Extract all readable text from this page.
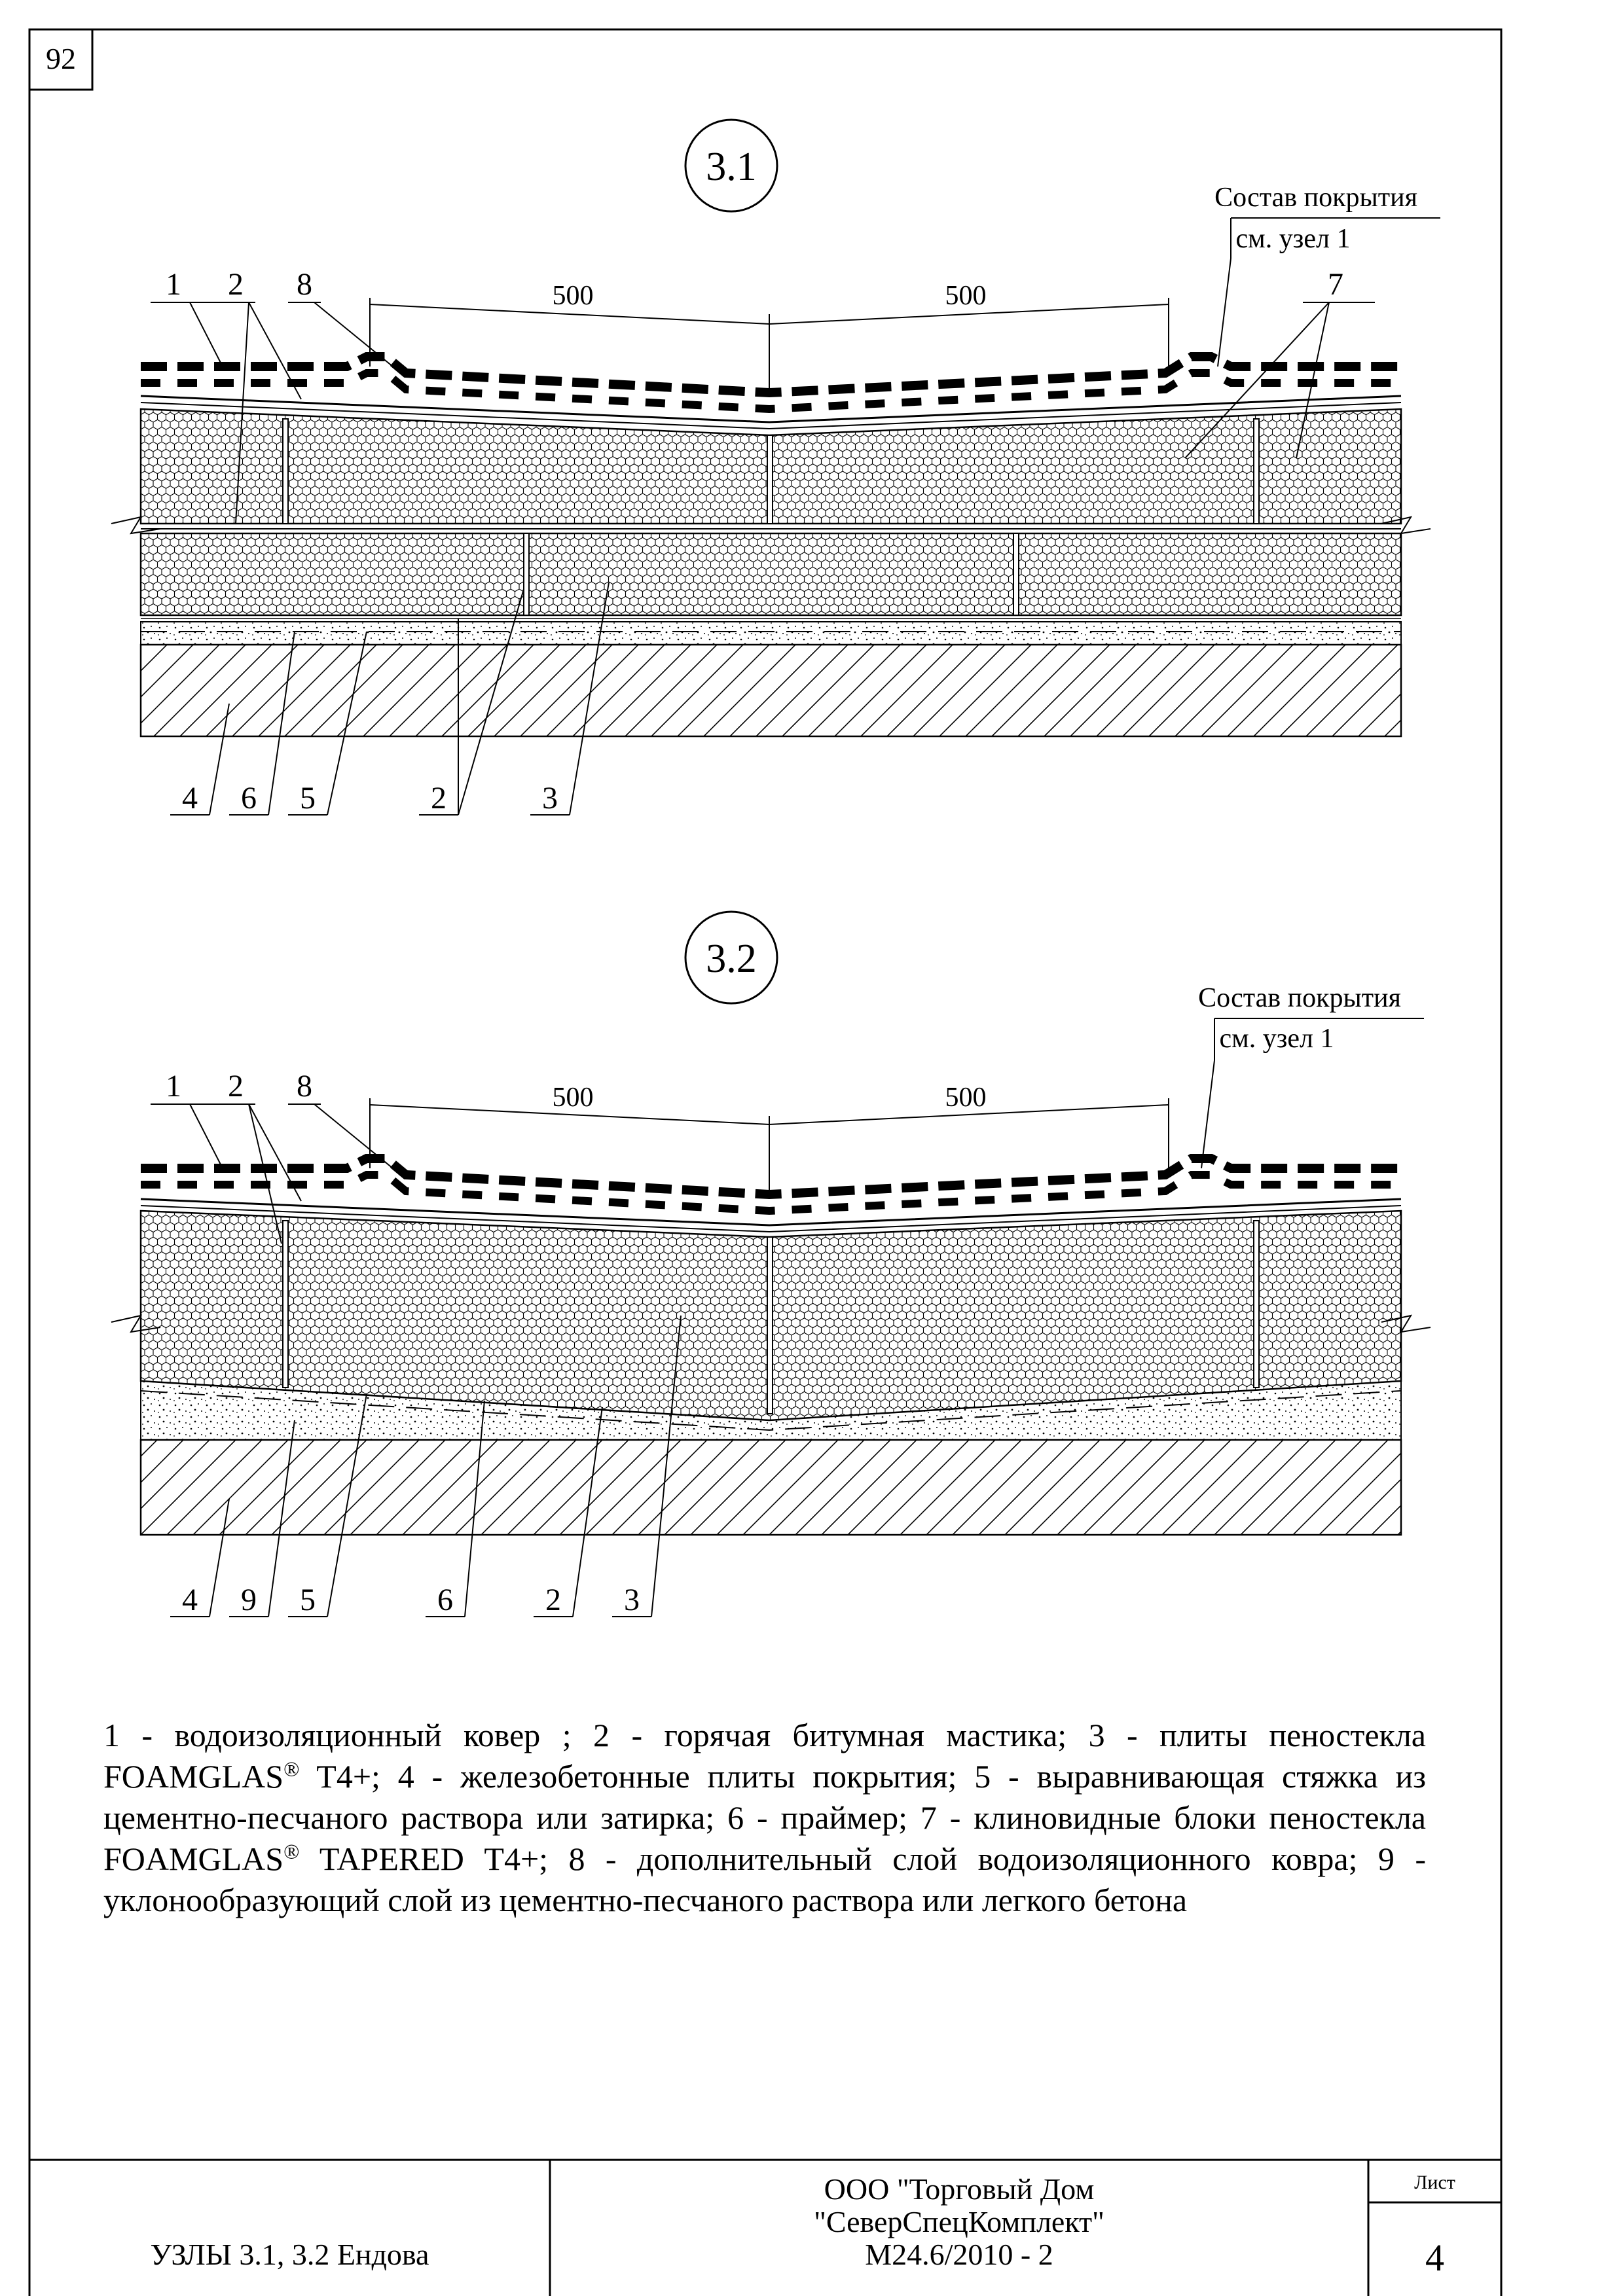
92
3.1
Состав покрытия
см. узел 1
500	500
1 2 8	7
4 6 5	2	3
3.2
Состав покрытия
см. узел 1
500	500
1 2 8
4 9 5	6	2 3
1 - водоизоляционный ковер ; 2 - горячая битумная мастика; 3 - плиты пеностекла FOAMGLAS® T4+; 4 - железобетонные плиты покрытия; 5 - выравнивающая стяжка из цементно-песчаного раствора или затирка; 6 - праймер; 7 - клиновидные блоки пеностекла FOAMGLAS® TAPERED T4+; 8 - дополнительный слой водоизоляционного ковра; 9 - уклонообразующий слой из цементно-песчаного раствора или легкого бетона
УЗЛЫ 3.1, 3.2 Ендова
ООО "Торговый Дом
"СеверСпецКомплект"
М24.6/2010 - 2
Лист
4
